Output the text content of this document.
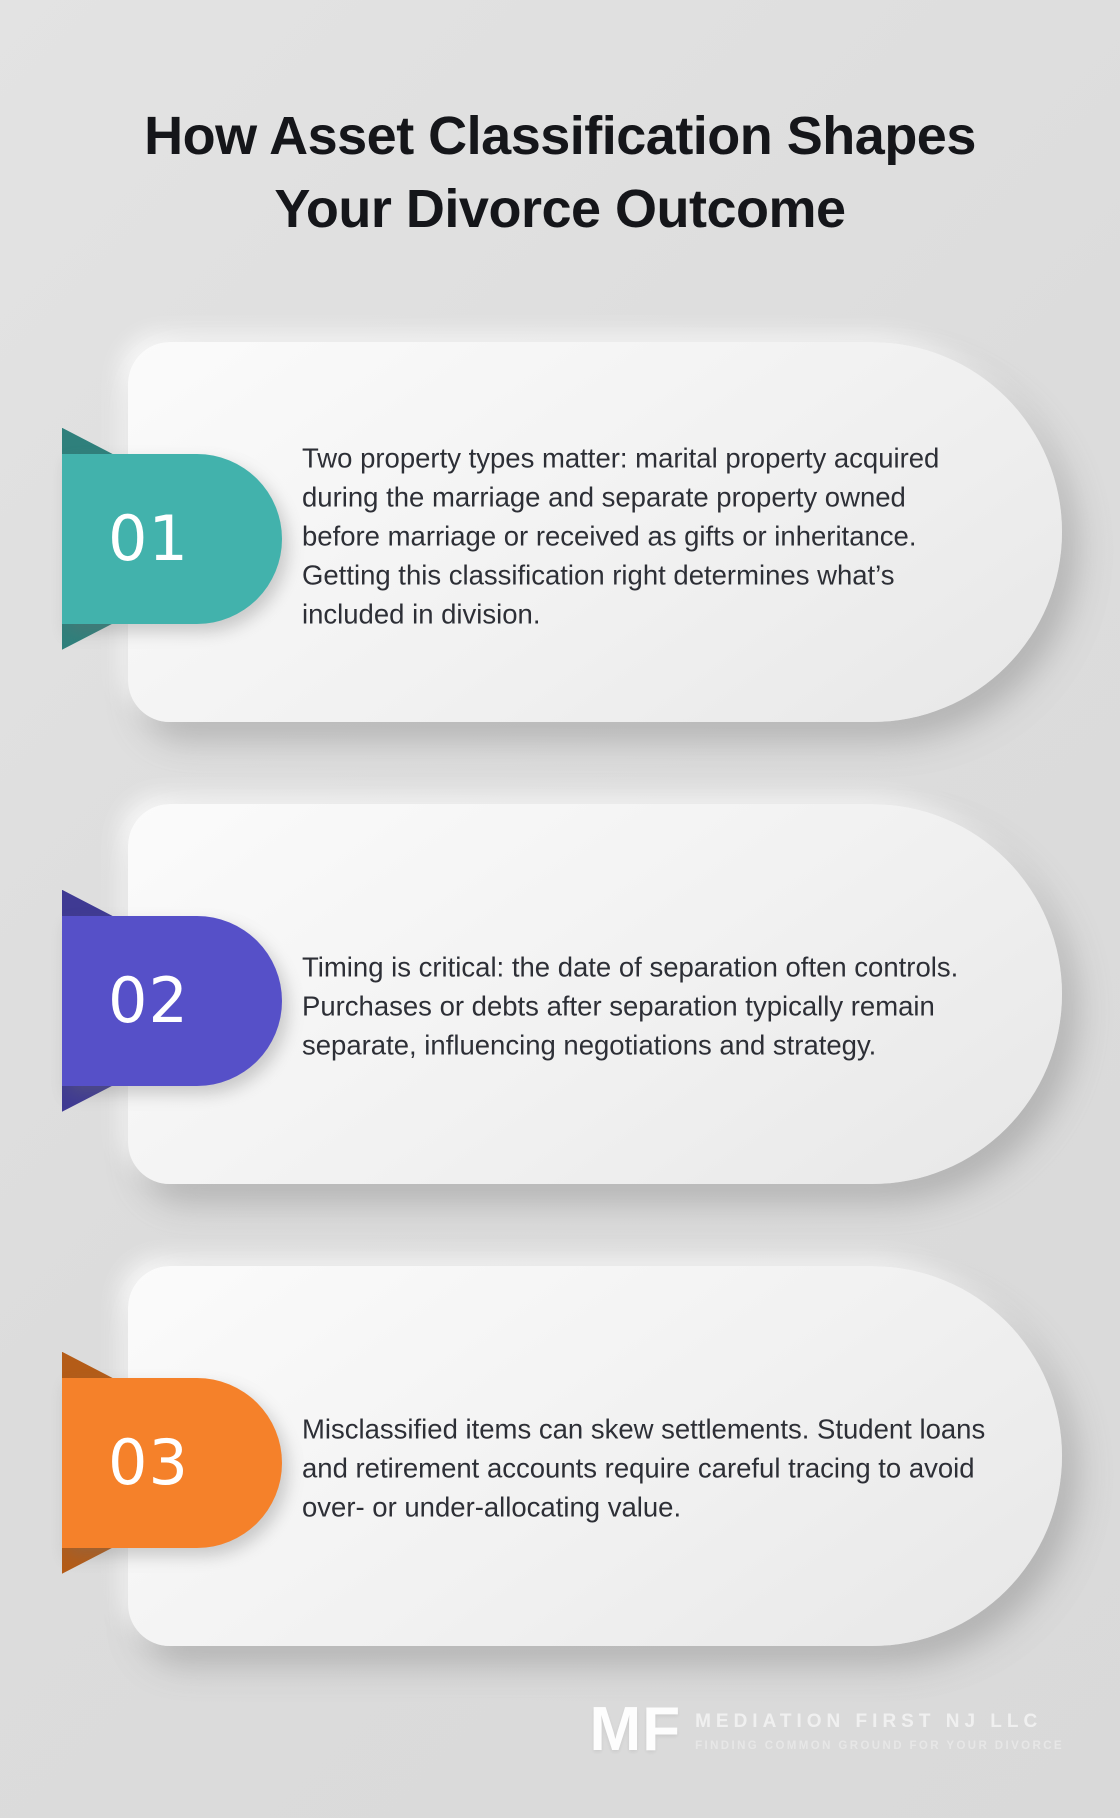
How Asset Classification Shapes Your Divorce Outcome
01
Two property types matter: marital property acquired during the marriage and separate property owned before marriage or received as gifts or inheritance. Getting this classification right determines what’s included in division.
02	Timing is critical: the date of separation often controls. Purchases or debts after separation typically remain separate, influencing negotiations and strategy.
03	Misclassified items can skew settlements. Student loans and retirement accounts require careful tracing to avoid over- or under-allocating value.
MF MEDIATION FIRST NJ LLC
FINDING COMMON GROUND FOR YOUR DIVORCE
